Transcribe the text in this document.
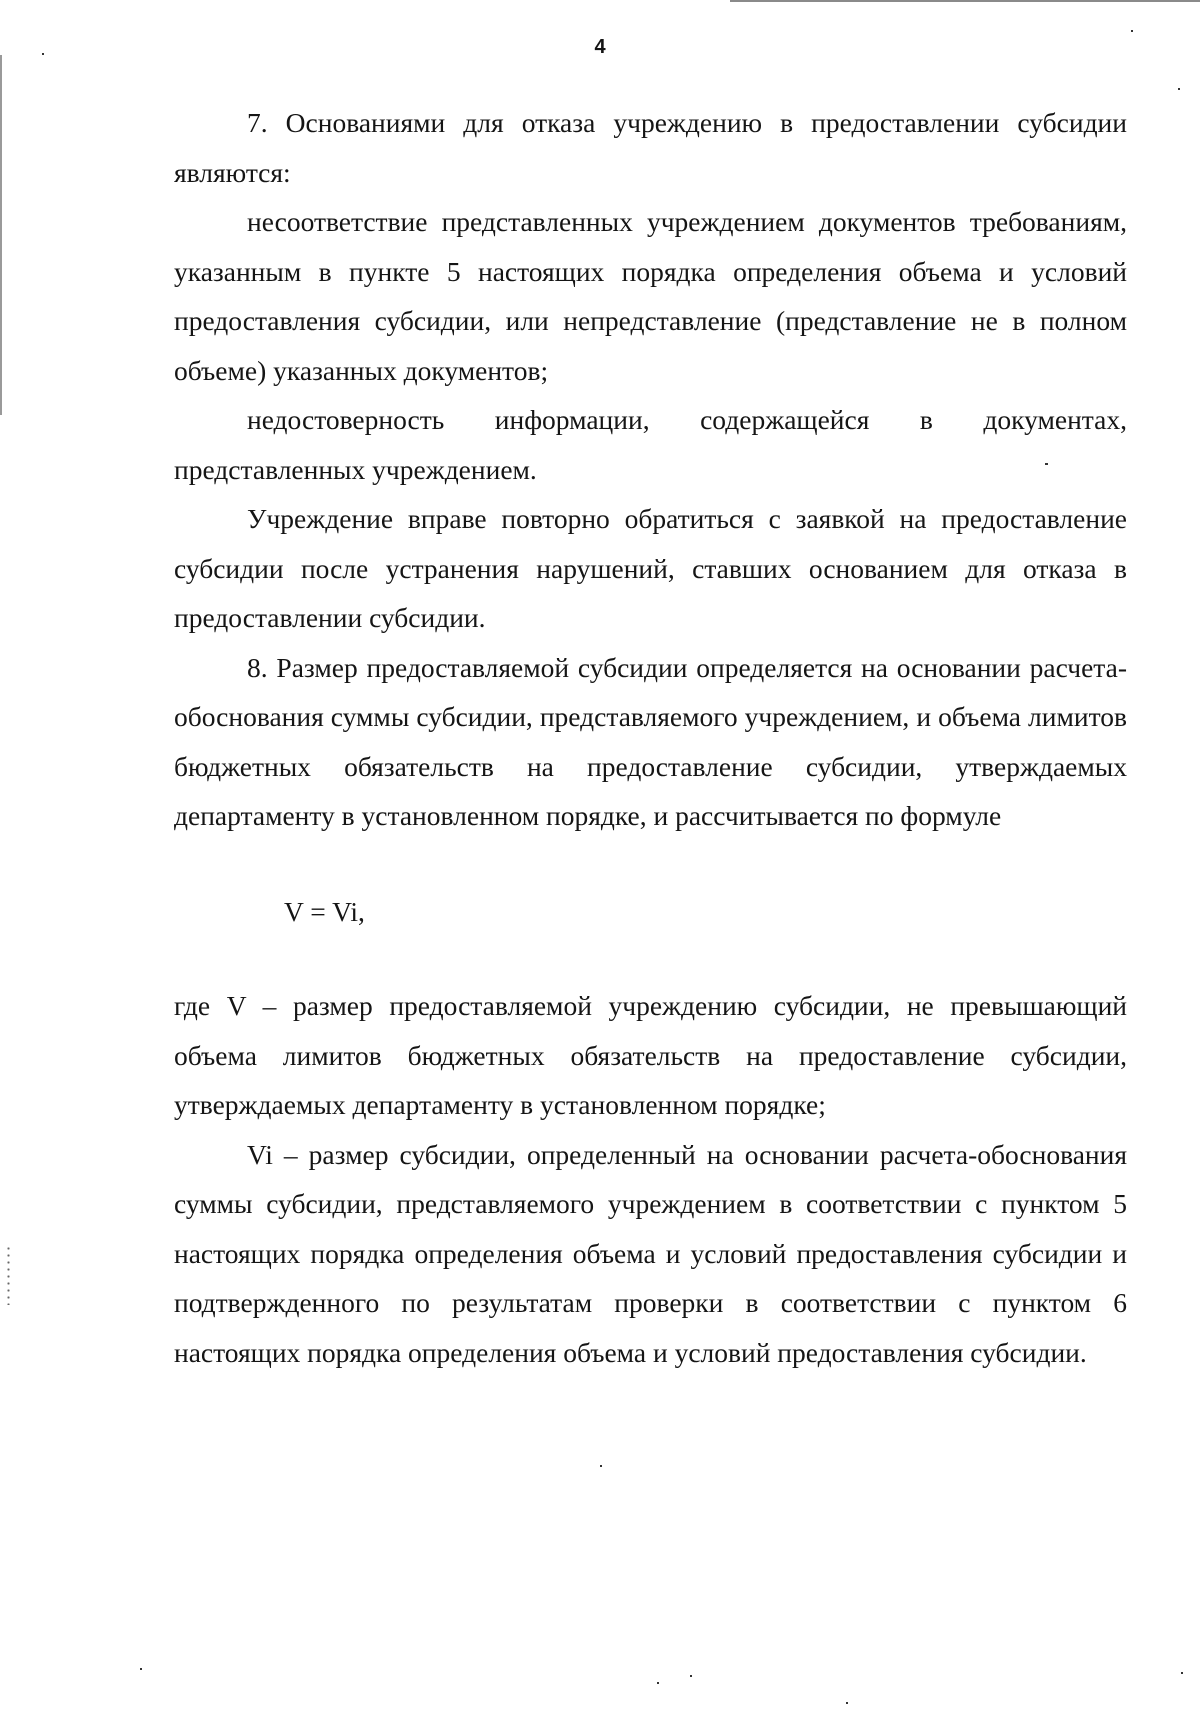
4

7. Основаниями для отказа учреждению в предоставлении субсидии являются:

несоответствие представленных учреждением документов требованиям, указанным в пункте 5 настоящих порядка определения объема и условий предоставления субсидии, или непредставление (представление не в полном объеме) указанных документов;

недостоверность информации, содержащейся в документах, представленных учреждением.

Учреждение вправе повторно обратиться с заявкой на предоставление субсидии после устранения нарушений, ставших основанием для отказа в предоставлении субсидии.

8. Размер предоставляемой субсидии определяется на основании расчета-обоснования суммы субсидии, представляемого учреждением, и объема лимитов бюджетных обязательств на предоставление субсидии, утверждаемых департаменту в установленном порядке, и рассчитывается по формуле

V = Vi,

где V – размер предоставляемой учреждению субсидии, не превышающий объема лимитов бюджетных обязательств на предоставление субсидии, утверждаемых департаменту в установленном порядке;

Vi – размер субсидии, определенный на основании расчета-обоснования суммы субсидии, представляемого учреждением в соответствии с пунктом 5 настоящих порядка определения объема и условий предоставления субсидии и подтвержденного по результатам проверки в соответствии с пунктом 6 настоящих порядка определения объема и условий предоставления субсидии.
